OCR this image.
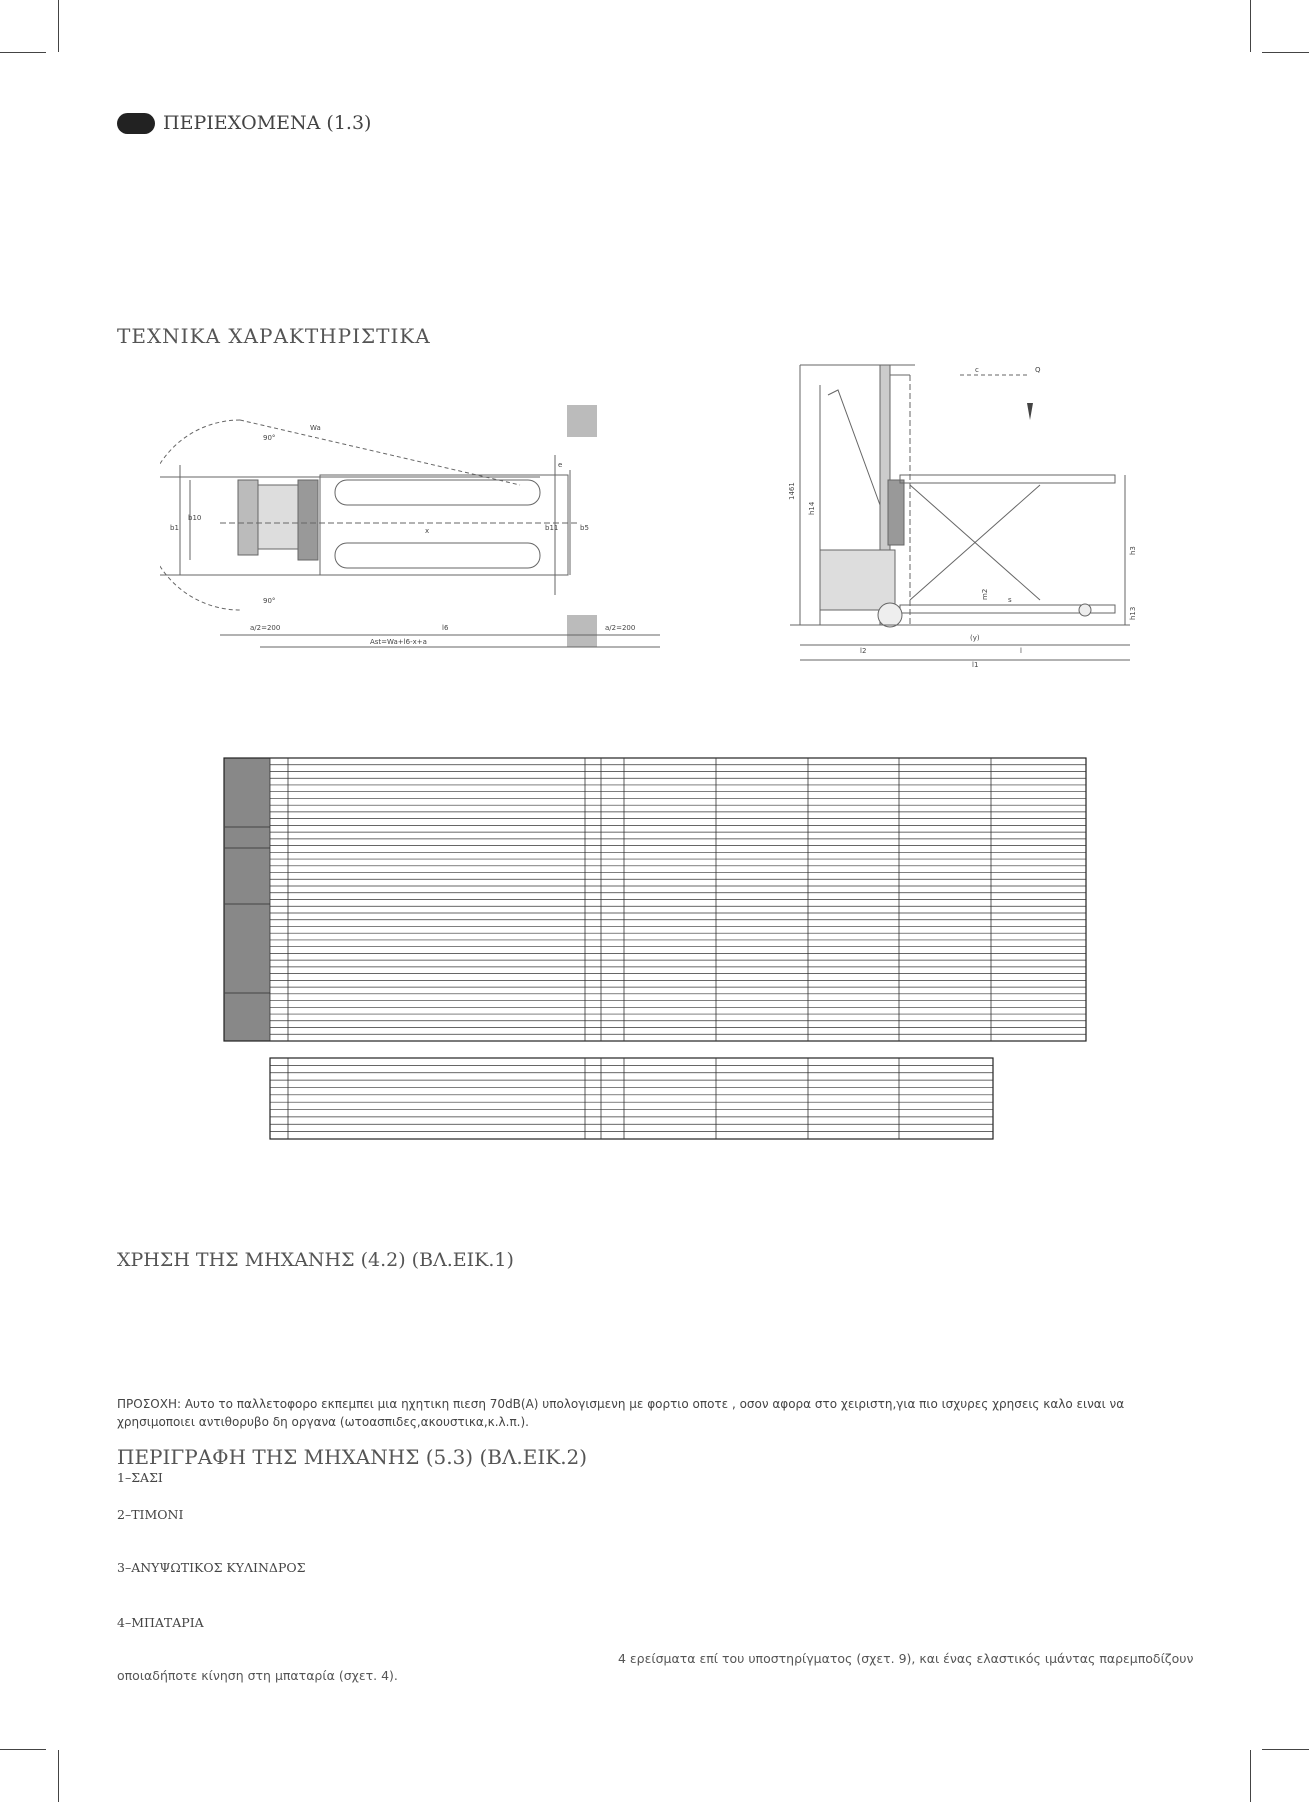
ΠΕΡΙΕΧΟΜΕΝΑ (1.3)
ΤΕΧΝΙΚΑ ΧΑΡΑΚΤΗΡΙΣΤΙΚΑ
Wa
90°
90°
b10
b1	x	b11	b5
e
l6
a/2=200	a/2=200
Ast=Wa+l6-x+a
c	Q
1461
h14
h3
h13
m2	s
(y)
l2	l
l1
ΧΡΗΣΗ ΤΗΣ ΜΗΧΑΝΗΣ (4.2) (ΒΛ.ΕΙΚ.1)
ΠΡΟΣΟΧΗ: Αυτο το παλλετοφορο εκπεμπει μια ηχητικη πιεση 70dB(A) υπολογισμενη με φορτιο οποτε , οσον αφορα στο χειριστη,για πιο ισχυρες χρησεις καλο ειναι να χρησιμοποιει αντιθορυβο δη οργανα (ωτοασπιδες,ακουστικα,κ.λ.π.).
ΠΕΡΙΓΡΑΦΗ ΤΗΣ ΜΗΧΑΝΗΣ (5.3) (ΒΛ.ΕΙΚ.2)
1–ΣΑΣΙ
2–ΤΙΜΟΝΙ
3–ΑΝΥΨΩΤΙΚΟΣ ΚΥΛΙΝΔΡΟΣ
4–ΜΠΑΤΑΡΙΑ
4 ερείσματα επί του υποστηρίγματος (σχετ. 9), και ένας ελαστικός ιμάντας παρεμποδίζουν
οποιαδήποτε κίνηση στη μπαταρία (σχετ. 4).
